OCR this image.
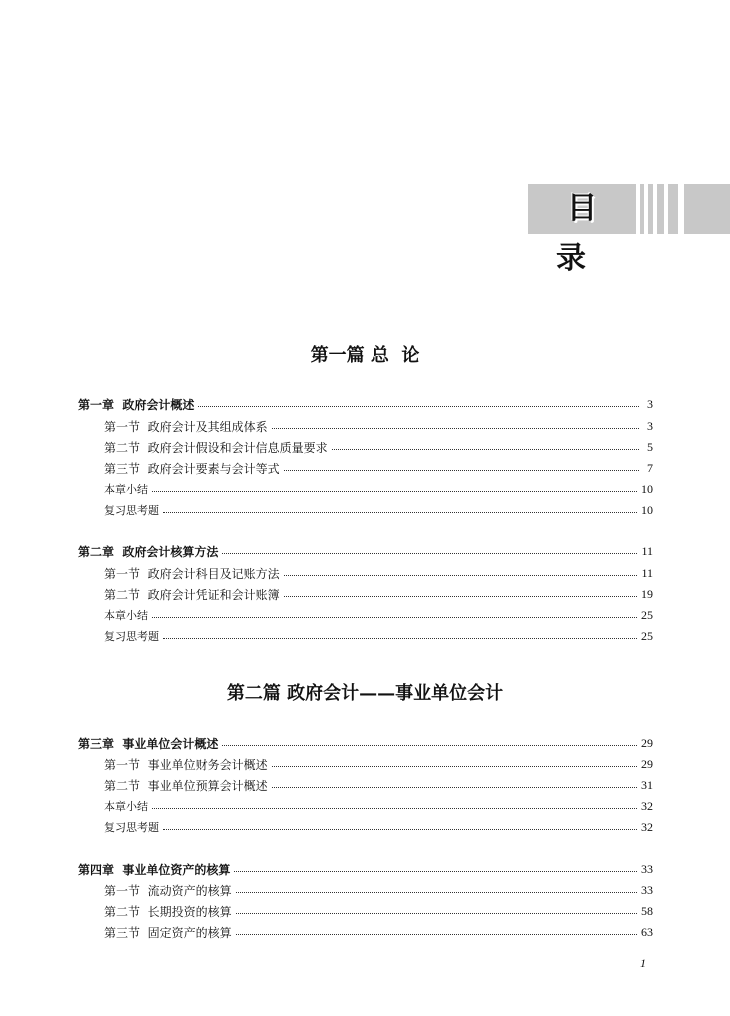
目 录
第一篇 总  论
第一章  政府会计概述	3
第一节  政府会计及其组成体系	3
第二节  政府会计假设和会计信息质量要求	5
第三节  政府会计要素与会计等式	7
本章小结	10
复习思考题	10
第二章  政府会计核算方法	11
第一节  政府会计科目及记账方法	11
第二节  政府会计凭证和会计账簿	19
本章小结	25
复习思考题	25
第二篇 政府会计——事业单位会计
第三章  事业单位会计概述	29
第一节  事业单位财务会计概述	29
第二节  事业单位预算会计概述	31
本章小结	32
复习思考题	32
第四章  事业单位资产的核算	33
第一节  流动资产的核算	33
第二节  长期投资的核算	58
第三节  固定资产的核算	63
1
